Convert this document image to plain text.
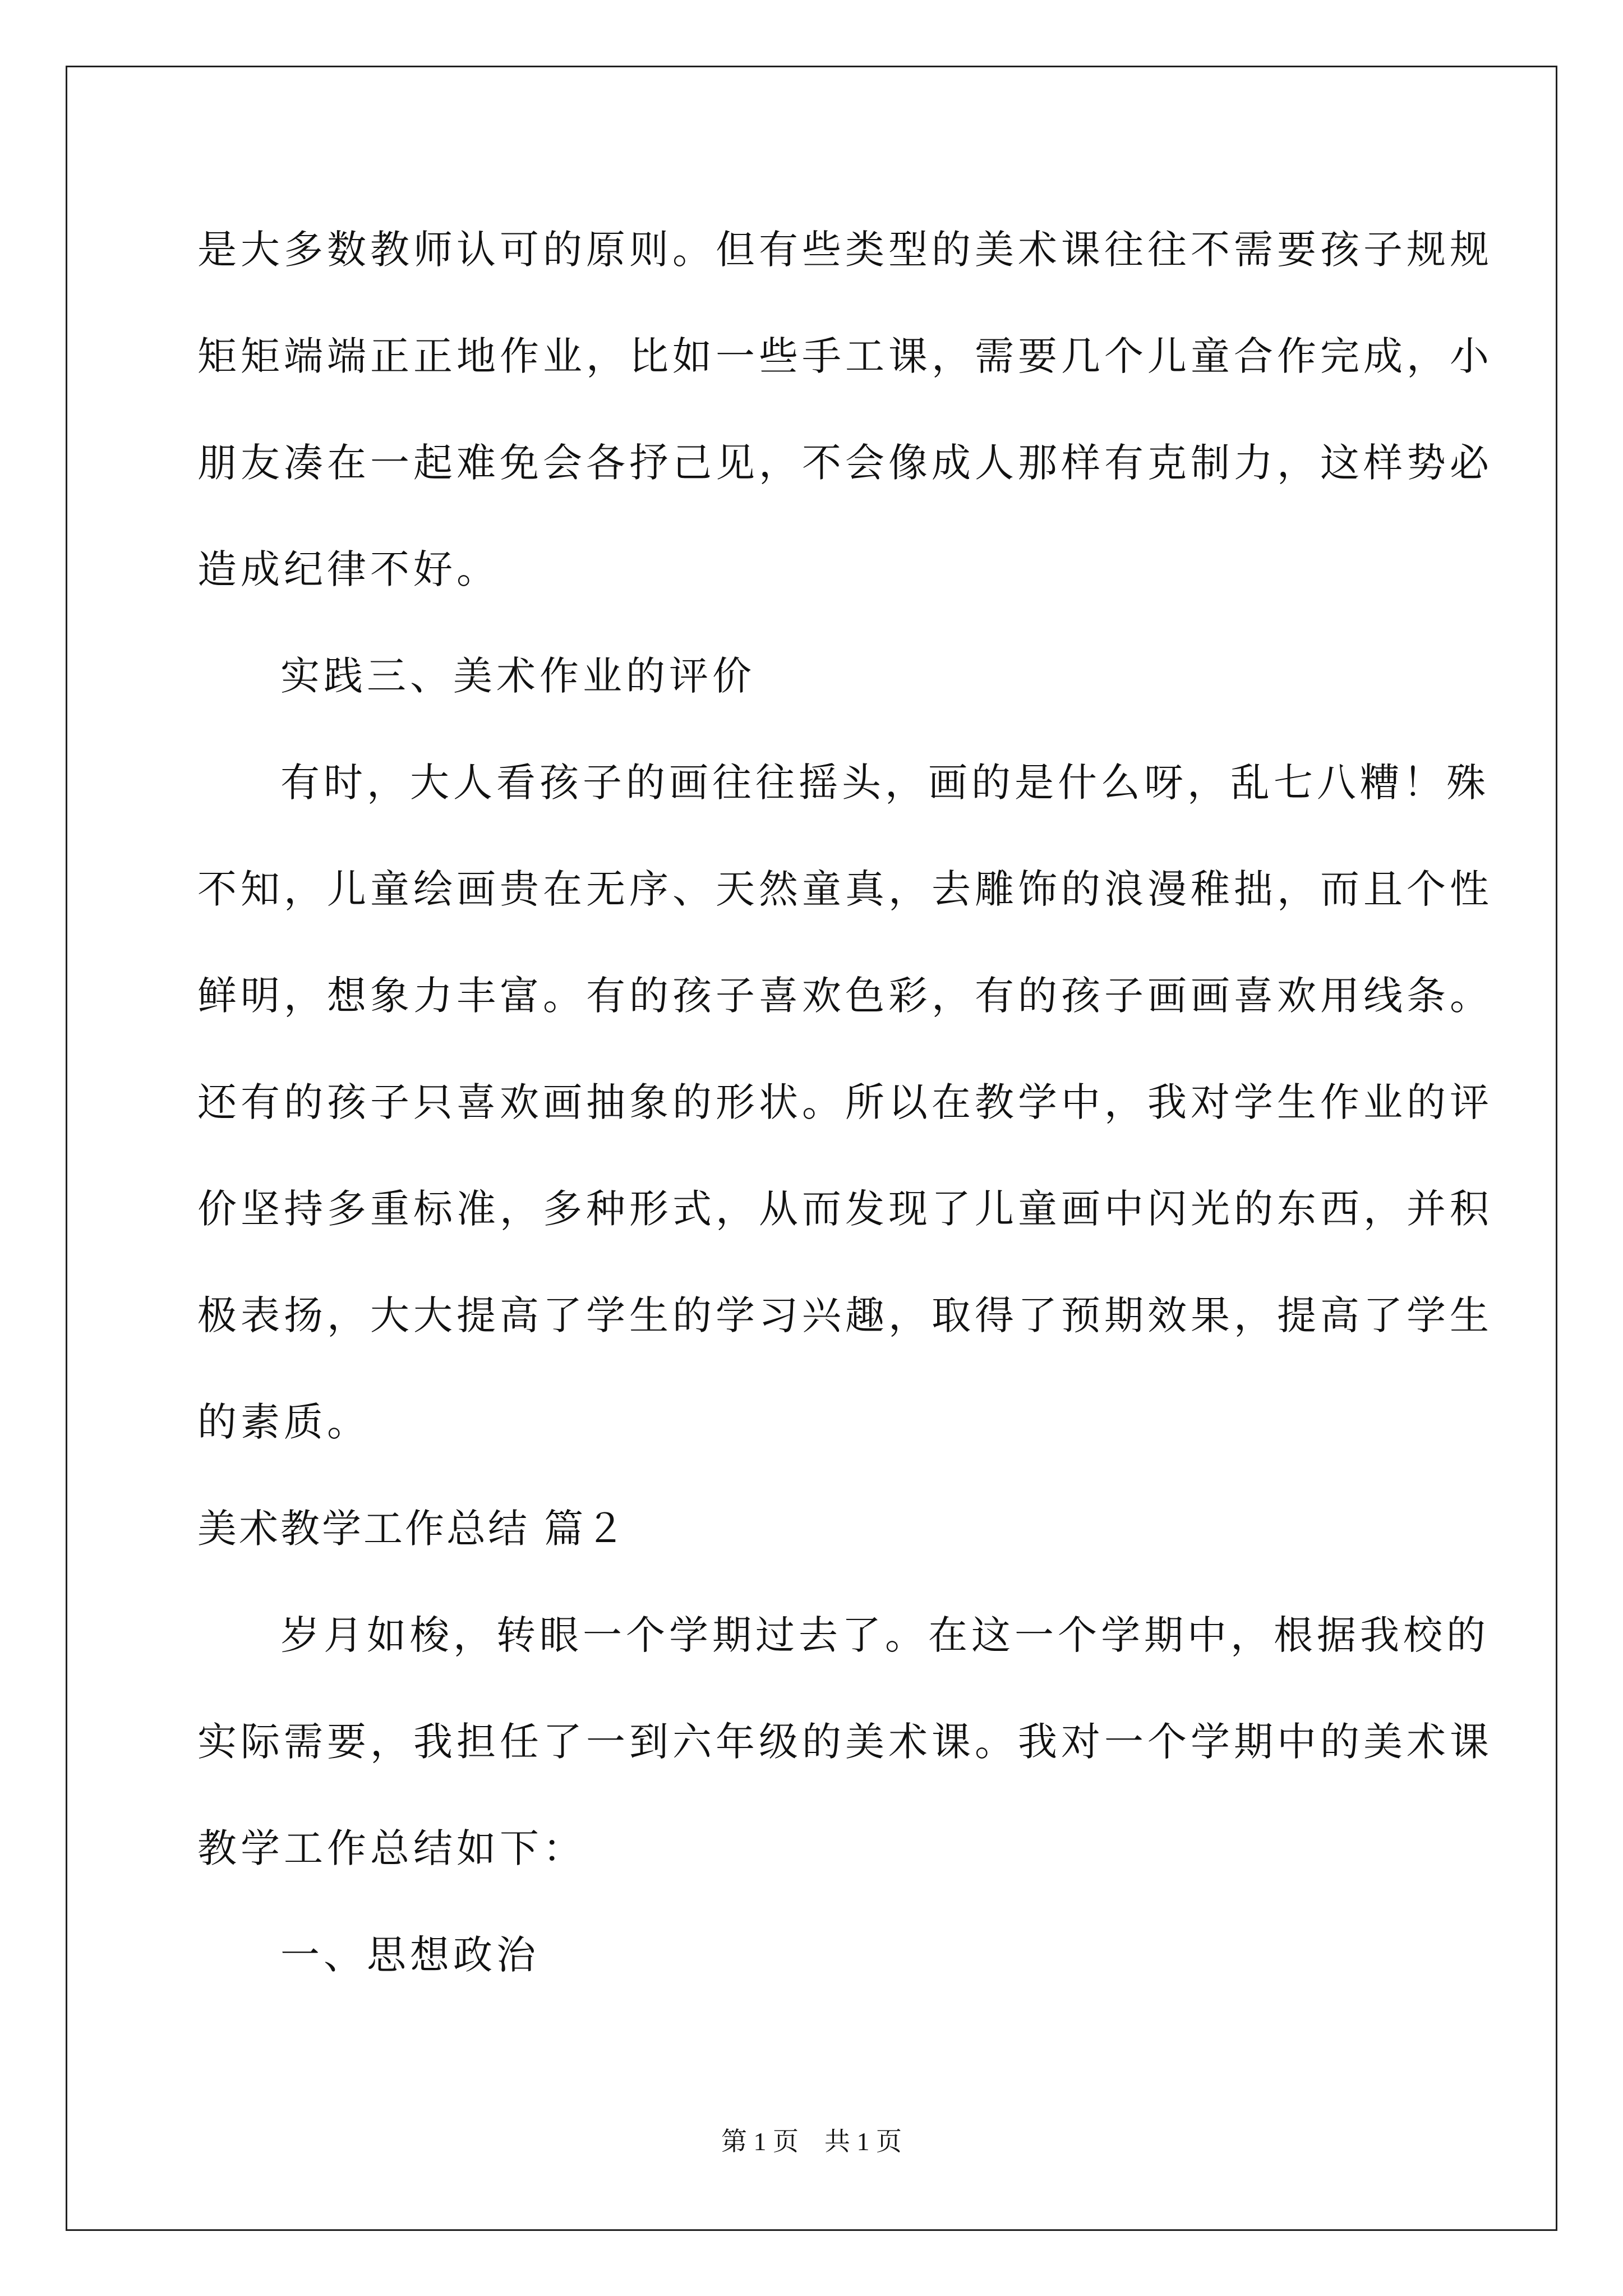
是大多数教师认可的原则。但有些类型的美术课往往不需要孩子规规
矩矩端端正正地作业，比如一些手工课，需要几个儿童合作完成，小
朋友凑在一起难免会各抒己见，不会像成人那样有克制力，这样势必
造成纪律不好。
实践三、美术作业的评价
有时，大人看孩子的画往往摇头，画的是什么呀，乱七八糟！殊
不知，儿童绘画贵在无序、天然童真，去雕饰的浪漫稚拙，而且个性
鲜明，想象力丰富。有的孩子喜欢色彩，有的孩子画画喜欢用线条。
还有的孩子只喜欢画抽象的形状。所以在教学中，我对学生作业的评
价坚持多重标准，多种形式，从而发现了儿童画中闪光的东西，并积
极表扬，大大提高了学生的学习兴趣，取得了预期效果，提高了学生
的素质。
美术教学工作总结 篇２
岁月如梭，转眼一个学期过去了。在这一个学期中，根据我校的
实际需要，我担任了一到六年级的美术课。我对一个学期中的美术课
教学工作总结如下：
一、思想政治
第 1 页　共 1 页
